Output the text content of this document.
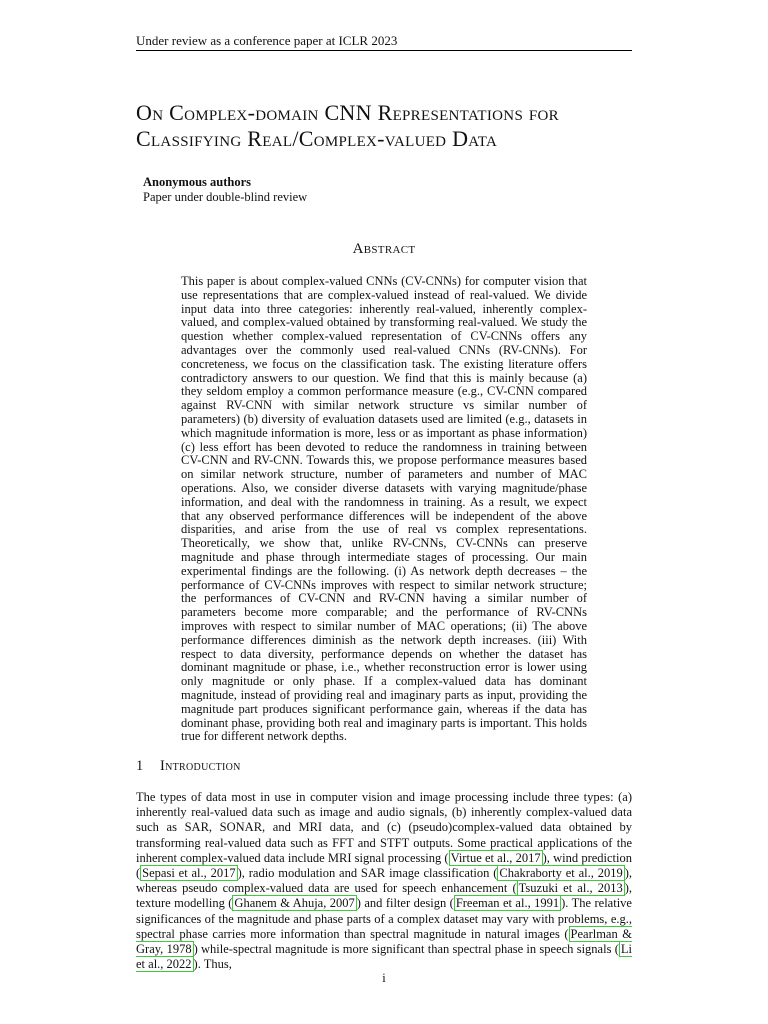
Under review as a conference paper at ICLR 2023
On Complex-domain CNN Representations for
Classifying Real/Complex-valued Data
Anonymous authors
Paper under double-blind review
Abstract

This paper is about complex-valued CNNs (CV-CNNs) for computer vision that use representations that are complex-valued instead of real-valued. We divide input data into three categories: inherently real-valued, inherently complex-valued, and complex-valued obtained by transforming real-valued. We study the question whether complex-valued representation of CV-CNNs offers any advantages over the commonly used real-valued CNNs (RV-CNNs). For concreteness, we focus on the classification task. The existing literature offers contradictory answers to our question. We find that this is mainly because (a) they seldom employ a common performance measure (e.g., CV-CNN compared against RV-CNN with similar network structure vs similar number of parameters) (b) diversity of evaluation datasets used are limited (e.g., datasets in which magnitude information is more, less or as important as phase information) (c) less effort has been devoted to reduce the randomness in training between CV-CNN and RV-CNN. Towards this, we propose performance measures based on similar network structure, number of parameters and number of MAC operations. Also, we consider diverse datasets with varying magnitude/phase information, and deal with the randomness in training. As a result, we expect that any observed performance differences will be independent of the above disparities, and arise from the use of real vs complex representations. Theoretically, we show that, unlike RV-CNNs, CV-CNNs can preserve magnitude and phase through intermediate stages of processing. Our main experimental findings are the following. (i) As network depth decreases – the performance of CV-CNNs improves with respect to similar network structure; the performances of CV-CNN and RV-CNN having a similar number of parameters become more comparable; and the performance of RV-CNNs improves with respect to similar number of MAC operations; (ii) The above performance differences diminish as the network depth increases. (iii) With respect to data diversity, performance depends on whether the dataset has dominant magnitude or phase, i.e., whether reconstruction error is lower using only magnitude or only phase. If a complex-valued data has dominant magnitude, instead of providing real and imaginary parts as input, providing the magnitude part produces significant performance gain, whereas if the data has dominant phase, providing both real and imaginary parts is important. This holds true for different network depths.

1 Introduction

The types of data most in use in computer vision and image processing include three types: (a) inherently real-valued data such as image and audio signals, (b) inherently complex-valued data such as SAR, SONAR, and MRI data, and (c) (pseudo)complex-valued data obtained by transforming real-valued data such as FFT and STFT outputs. Some practical applications of the inherent complex-valued data include MRI signal processing ( Virtue et al., 2017 ), wind prediction ( Sepasi et al., 2017 ), radio modulation and SAR image classification ( Chakraborty et al., 2019 ), whereas pseudo complex-valued data are used for speech enhancement ( Tsuzuki et al., 2013 ), texture modelling ( Ghanem & Ahuja, 2007 ) and filter design ( Freeman et al., 1991 ). The relative significances of the magnitude and phase parts of a complex dataset may vary with problems, e.g., spectral phase carries more information than spectral magnitude in natural images ( Pearlman & Gray, 1978 ) while-spectral magnitude is more significant than spectral phase in speech signals ( Li et al., 2022 ). Thus,

i
